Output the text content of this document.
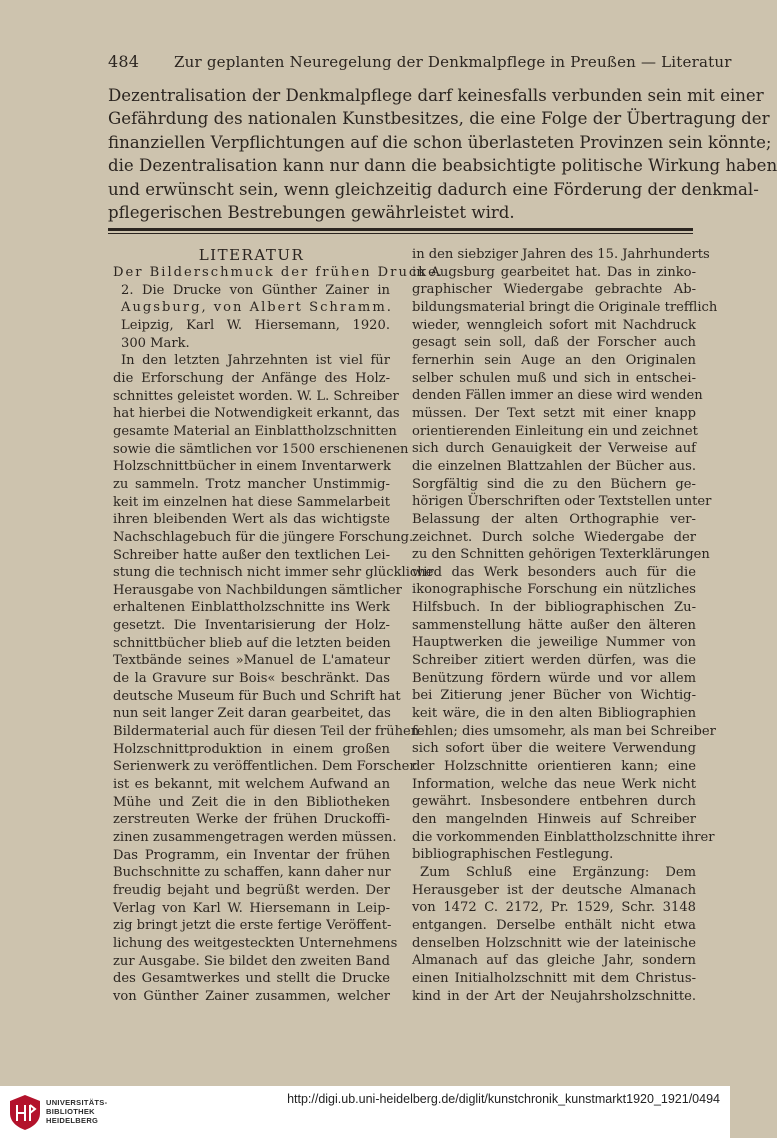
484 Zur geplanten Neuregelung der Denkmalpflege in Preußen — Literatur
Dezentralisation der Denkmalpflege darf keinesfalls verbunden sein mit einer
Gefährdung des nationalen Kunstbesitzes, die eine Folge der Übertragung der
finanziellen Verpflichtungen auf die schon überlasteten Provinzen sein könnte;
die Dezentralisation kann nur dann die beabsichtigte politische Wirkung haben
und erwünscht sein, wenn gleichzeitig dadurch eine Förderung der denkmal-
pflegerischen Bestrebungen gewährleistet wird.
LITERATUR
Der Bilderschmuck der frühen Drucke.
2. Die Drucke von Günther Zainer in
Augsburg, von Albert Schramm.
Leipzig, Karl W. Hiersemann, 1920.
300 Mark.
In den letzten Jahrzehnten ist viel für
die Erforschung der Anfänge des Holz-
schnittes geleistet worden. W. L. Schreiber
hat hierbei die Notwendigkeit erkannt, das
gesamte Material an Einblattholzschnitten
sowie die sämtlichen vor 1500 erschienenen
Holzschnittbücher in einem Inventarwerk
zu sammeln. Trotz mancher Unstimmig-
keit im einzelnen hat diese Sammelarbeit
ihren bleibenden Wert als das wichtigste
Nachschlagebuch für die jüngere Forschung.
Schreiber hatte außer den textlichen Lei-
stung die technisch nicht immer sehr glückliche
Herausgabe von Nachbildungen sämtlicher
erhaltenen Einblattholzschnitte ins Werk
gesetzt. Die Inventarisierung der Holz-
schnittbücher blieb auf die letzten beiden
Textbände seines »Manuel de L'amateur
de la Gravure sur Bois« beschränkt. Das
deutsche Museum für Buch und Schrift hat
nun seit langer Zeit daran gearbeitet, das
Bildermaterial auch für diesen Teil der frühen
Holzschnittproduktion in einem großen
Serienwerk zu veröffentlichen. Dem Forscher
ist es bekannt, mit welchem Aufwand an
Mühe und Zeit die in den Bibliotheken
zerstreuten Werke der frühen Druckoffi-
zinen zusammengetragen werden müssen.
Das Programm, ein Inventar der frühen
Buchschnitte zu schaffen, kann daher nur
freudig bejaht und begrüßt werden. Der
Verlag von Karl W. Hiersemann in Leip-
zig bringt jetzt die erste fertige Veröffent-
lichung des weitgesteckten Unternehmens
zur Ausgabe. Sie bildet den zweiten Band
des Gesamtwerkes und stellt die Drucke
von Günther Zainer zusammen, welcher
in den siebziger Jahren des 15. Jahrhunderts
in Augsburg gearbeitet hat. Das in zinko-
graphischer Wiedergabe gebrachte Ab-
bildungsmaterial bringt die Originale trefflich
wieder, wenngleich sofort mit Nachdruck
gesagt sein soll, daß der Forscher auch
fernerhin sein Auge an den Originalen
selber schulen muß und sich in entschei-
denden Fällen immer an diese wird wenden
müssen. Der Text setzt mit einer knapp
orientierenden Einleitung ein und zeichnet
sich durch Genauigkeit der Verweise auf
die einzelnen Blattzahlen der Bücher aus.
Sorgfältig sind die zu den Büchern ge-
hörigen Überschriften oder Textstellen unter
Belassung der alten Orthographie ver-
zeichnet. Durch solche Wiedergabe der
zu den Schnitten gehörigen Texterklärungen
wird das Werk besonders auch für die
ikonographische Forschung ein nützliches
Hilfsbuch. In der bibliographischen Zu-
sammenstellung hätte außer den älteren
Hauptwerken die jeweilige Nummer von
Schreiber zitiert werden dürfen, was die
Benützung fördern würde und vor allem
bei Zitierung jener Bücher von Wichtig-
keit wäre, die in den alten Bibliographien
fehlen; dies umsomehr, als man bei Schreiber
sich sofort über die weitere Verwendung
der Holzschnitte orientieren kann; eine
Information, welche das neue Werk nicht
gewährt. Insbesondere entbehren durch
den mangelnden Hinweis auf Schreiber
die vorkommenden Einblattholzschnitte ihrer
bibliographischen Festlegung.
Zum Schluß eine Ergänzung: Dem
Herausgeber ist der deutsche Almanach
von 1472 C. 2172, Pr. 1529, Schr. 3148
entgangen. Derselbe enthält nicht etwa
denselben Holzschnitt wie der lateinische
Almanach auf das gleiche Jahr, sondern
einen Initialholzschnitt mit dem Christus-
kind in der Art der Neujahrsholzschnitte.
UNIVERSITÄTS-
BIBLIOTHEK
HEIDELBERG
http://digi.ub.uni-heidelberg.de/diglit/kunstchronik_kunstmarkt1920_1921/0494
